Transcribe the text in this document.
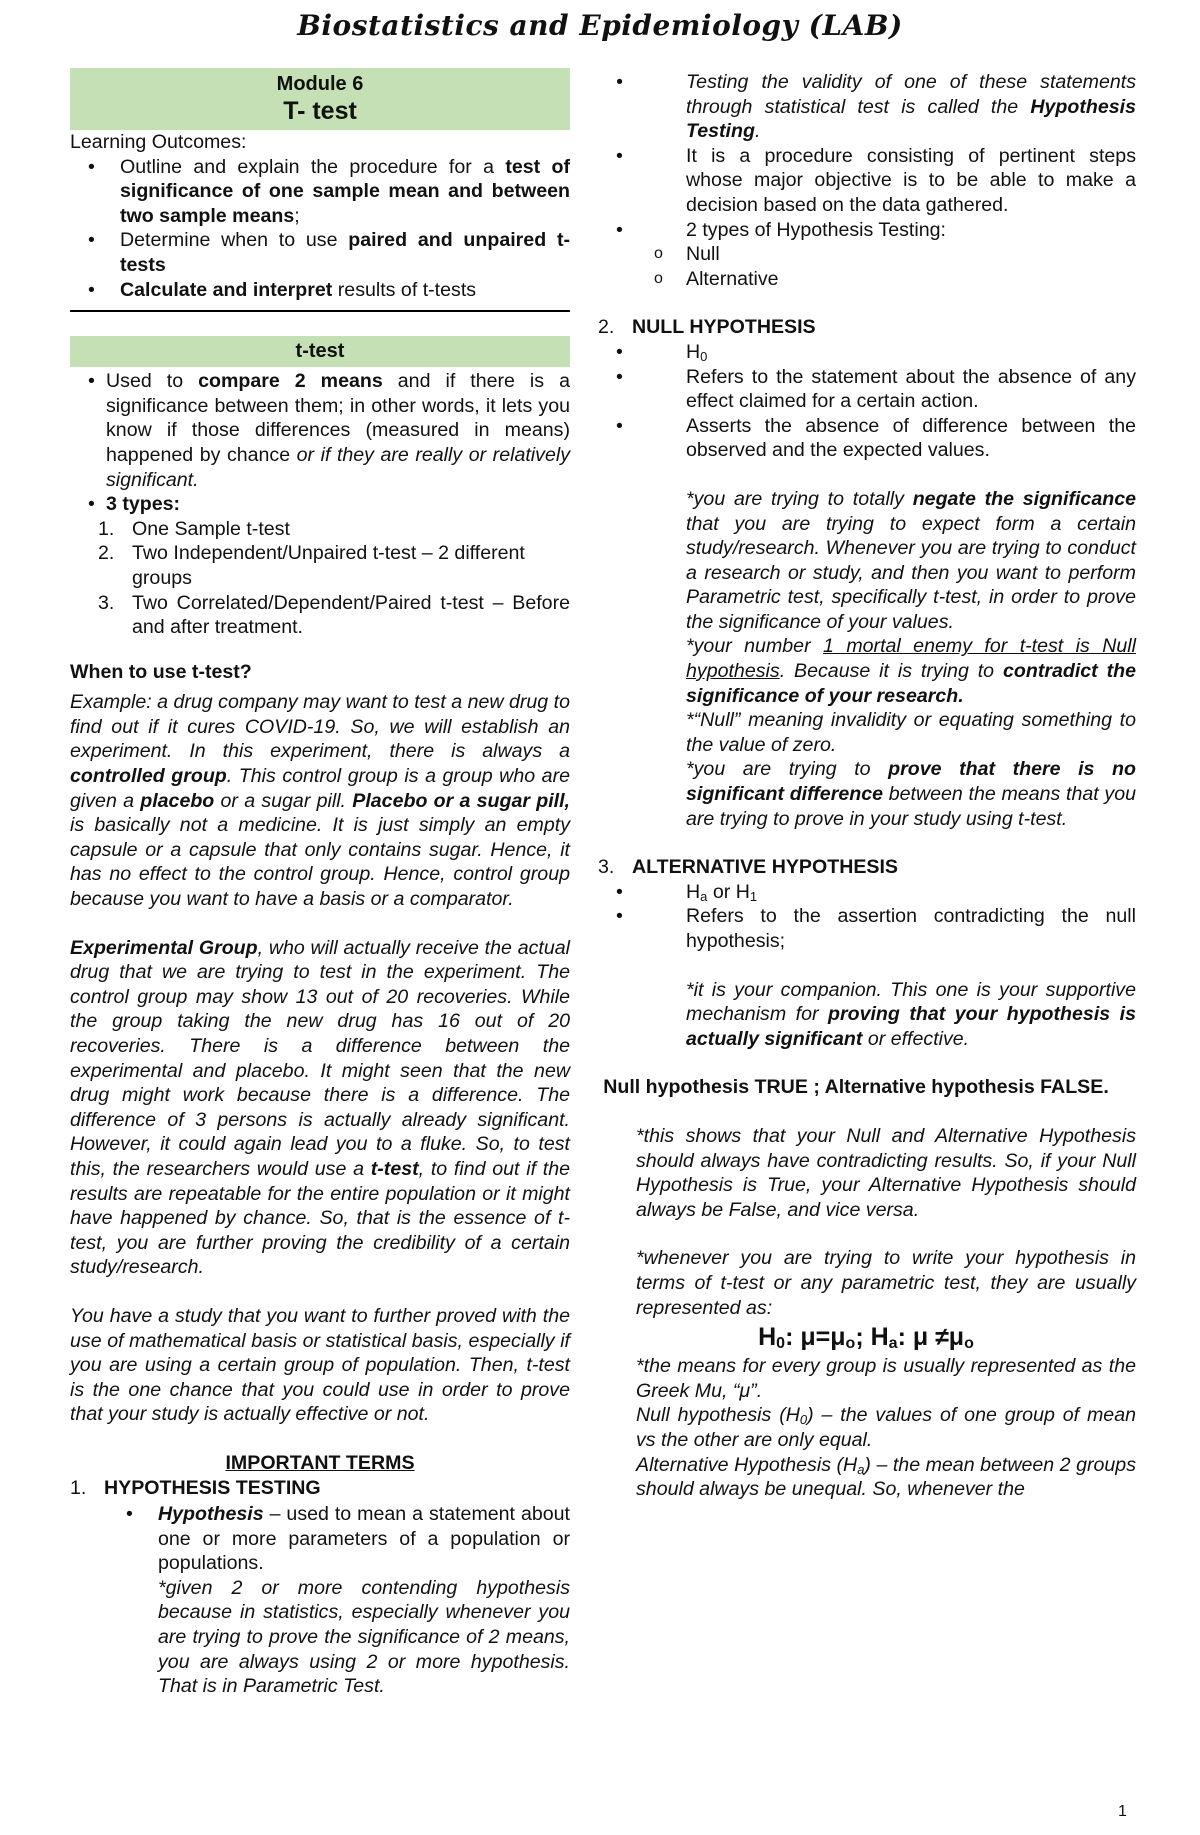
Biostatistics and Epidemiology (LAB)
Module 6
T- test
Learning Outcomes:
• Outline and explain the procedure for a test of significance of one sample mean and between two sample means;
• Determine when to use paired and unpaired t-tests
• Calculate and interpret results of t-tests
t-test
• Used to compare 2 means and if there is a significance between them; in other words, it lets you know if those differences (measured in means) happened by chance or if they are really or relatively significant.
• 3 types:
1. One Sample t-test
2. Two Independent/Unpaired t-test – 2 different groups
3. Two Correlated/Dependent/Paired t-test – Before and after treatment.
When to use t-test?

Example: a drug company may want to test a new drug to find out if it cures COVID-19. So, we will establish an experiment. In this experiment, there is always a controlled group. This control group is a group who are given a placebo or a sugar pill. Placebo or a sugar pill, is basically not a medicine. It is just simply an empty capsule or a capsule that only contains sugar. Hence, it has no effect to the control group. Hence, control group because you want to have a basis or a comparator.

Experimental Group, who will actually receive the actual drug that we are trying to test in the experiment. The control group may show 13 out of 20 recoveries. While the group taking the new drug has 16 out of 20 recoveries. There is a difference between the experimental and placebo. It might seen that the new drug might work because there is a difference. The difference of 3 persons is actually already significant. However, it could again lead you to a fluke. So, to test this, the researchers would use a t-test, to find out if the results are repeatable for the entire population or it might have happened by chance. So, that is the essence of t-test, you are further proving the credibility of a certain study/research.

You have a study that you want to further proved with the use of mathematical basis or statistical basis, especially if you are using a certain group of population. Then, t-test is the one chance that you could use in order to prove that your study is actually effective or not.

IMPORTANT TERMS
1. HYPOTHESIS TESTING
• Hypothesis – used to mean a statement about one or more parameters of a population or populations.
*given 2 or more contending hypothesis because in statistics, especially whenever you are trying to prove the significance of 2 means, you are always using 2 or more hypothesis. That is in Parametric Test.
• Testing the validity of one of these statements through statistical test is called the Hypothesis Testing.
• It is a procedure consisting of pertinent steps whose major objective is to be able to make a decision based on the data gathered.
• 2 types of Hypothesis Testing:
o Null
o Alternative
2. NULL HYPOTHESIS
• $H_0$
• Refers to the statement about the absence of any effect claimed for a certain action.
• Asserts the absence of difference between the observed and the expected values.

*you are trying to totally negate the significance that you are trying to expect form a certain study/research. Whenever you are trying to conduct a research or study, and then you want to perform Parametric test, specifically t-test, in order to prove the significance of your values.

*your number 1 mortal enemy for t-test is Null hypothesis. Because it is trying to contradict the significance of your research.

*“Null” meaning invalidity or equating something to the value of zero.

*you are trying to prove that there is no significant difference between the means that you are trying to prove in your study using t-test.

3. ALTERNATIVE HYPOTHESIS
• $H_a$ or $H_1$
• Refers to the assertion contradicting the null hypothesis;

*it is your companion. This one is your supportive mechanism for proving that your hypothesis is actually significant or effective.

Null hypothesis TRUE ; Alternative hypothesis FALSE.

*this shows that your Null and Alternative Hypothesis should always have contradicting results. So, if your Null Hypothesis is True, your Alternative Hypothesis should always be False, and vice versa.

*whenever you are trying to write your hypothesis in terms of t-test or any parametric test, they are usually represented as:

H0: μ=μo; Ha: μ ≠μo

*the means for every group is usually represented as the Greek Mu, “μ”.

Null hypothesis $(H_0)$ – the values of one group of mean vs the other are only equal.

Alternative Hypothesis $(H_a)$ – the mean between 2 groups should always be unequal. So, whenever the

1
